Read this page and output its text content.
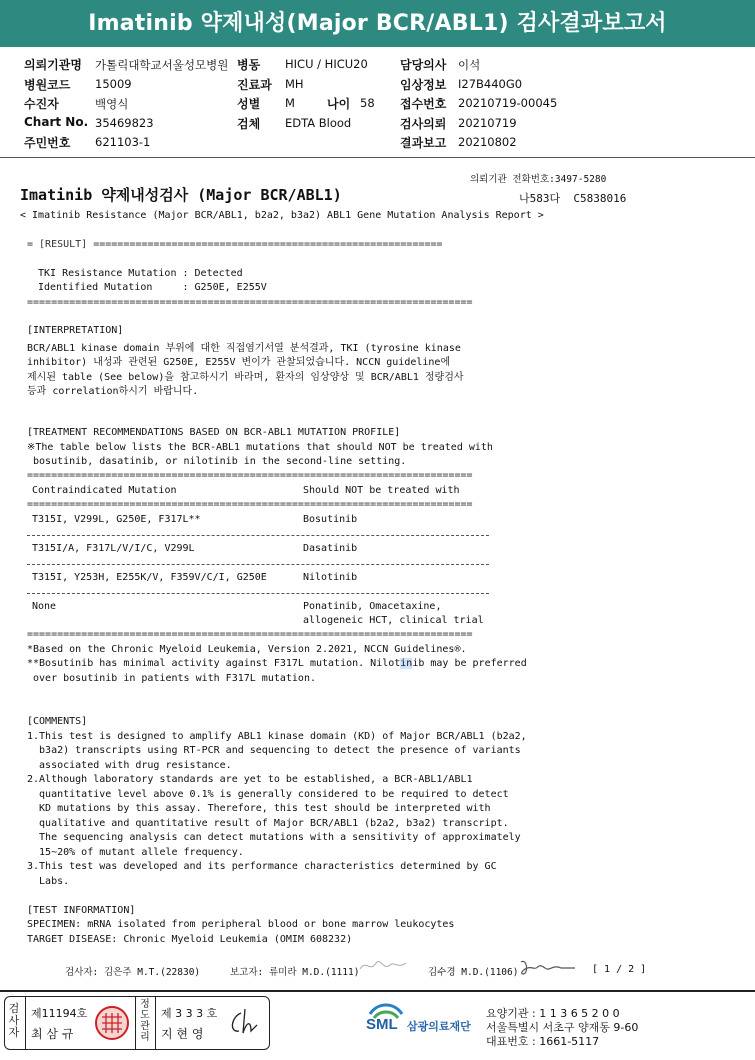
Imatinib 약제내성(Major BCR/ABL1) 검사결과보고서
의뢰기관명 가톨릭대학교서울성모병원
병원코드 15009
수진자	백영식
Chart No. 35469823
주민번호 621103-1
병동 HICU / HICU20
진료과 MH
성별 M	나이 58
검체 EDTA Blood
담당의사 이석
임상정보 I27B440G0
접수번호 20210719-00045
검사의뢰 20210719
결과보고 20210802
의뢰기관 전화번호:3497-5280
Imatinib 약제내성검사 (Major BCR/ABL1)	나583다  C5838016
< Imatinib Resistance (Major BCR/ABL1, b2a2, b3a2) ABL1 Gene Mutation Analysis Report >
= [RESULT] ==========================================================
TKI Resistance Mutation : Detected
Identified Mutation     : G250E, E255V
==========================================================================
[INTERPRETATION]
BCR/ABL1 kinase domain 부위에 대한 직접염기서열 분석결과, TKI (tyrosine kinase
inhibitor) 내성과 관련된 G250E, E255V 변이가 관찰되었습니다. NCCN guideline에
제시된 table (See below)을 참고하시기 바라며, 환자의 임상양상 및 BCR/ABL1 정량검사
등과 correlation하시기 바랍니다.
[TREATMENT RECOMMENDATIONS BASED ON BCR-ABL1 MUTATION PROFILE]
※The table below lists the BCR-ABL1 mutations that should NOT be treated with
bosutinib, dasatinib, or nilotinib in the second-line setting.
==========================================================================
Contraindicated Mutation	Should NOT be treated with
==========================================================================
T315I, V299L, G250E, F317L**	Bosutinib
T315I/A, F317L/V/I/C, V299L	Dasatinib
T315I, Y253H, E255K/V, F359V/C/I, G250E	Nilotinib
None	Ponatinib, Omacetaxine,
allogeneic HCT, clinical trial
==========================================================================
*Based on the Chronic Myeloid Leukemia, Version 2.2021, NCCN Guidelines®.
**Bosutinib has minimal activity against F317L mutation. Nilotinib may be preferred
over bosutinib in patients with F317L mutation.
[COMMENTS]
1.This test is designed to amplify ABL1 kinase domain (KD) of Major BCR/ABL1 (b2a2,
b3a2) transcripts using RT-PCR and sequencing to detect the presence of variants
associated with drug resistance.
2.Although laboratory standards are yet to be established, a BCR-ABL1/ABL1
quantitative level above 0.1% is generally considered to be required to detect
KD mutations by this assay. Therefore, this test should be interpreted with
qualitative and quantitative result of Major BCR/ABL1 (b2a2, b3a2) transcript.
The sequencing analysis can detect mutations with a sensitivity of approximately
15~20% of mutant allele frequency.
3.This test was developed and its performance characteristics determined by GC
Labs.
[TEST INFORMATION]
SPECIMEN: mRNA isolated from peripheral blood or bone marrow leukocytes
TARGET DISEASE: Chronic Myeloid Leukemia (OMIM 608232)
검사자: 김은주 M.T.(22830)	보고자: 류미라 M.D.(1111)	김수경 M.D.(1106)	[ 1 / 2 ]
검사자
제11194호
최 삼 규
정도관리
제 3 3 3 호
지 현 영
SML 삼광의료재단
요양기관 : 1 1 3 6 5 2 0 0
서울특별시 서초구 양재동 9-60
대표번호 : 1661-5117
